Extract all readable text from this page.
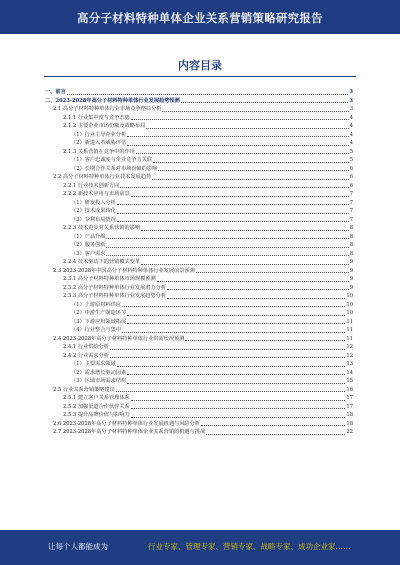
高分子材料特种单体企业关系营销策略研究报告
内容目录
一、前言	3
二、2023-2028年高分子材料特种单体行业发展趋势预测	3
2.1 高分子材料特种单体行业市场竞争格局分析	3
2.1.1 行业集中度与竞争态势	4
2.1.2 主要企业市场份额及战略布局	4
（1）行业主导企业分析	4
（2）新进入者威胁评估	4
2.1.3 关系营销在竞争中的作用	5
（1）客户忠诚度与企业竞争力关联	5
（2）长期合作关系对市场份额的影响	6
2.2 高分子材料特种单体行业技术发展趋势	6
2.2.1 行业技术创新方向	6
2.2.2 新技术应用与市场前景	7
（1）研发投入分析	7
（2）技术成果转化	7
（3）专利布局情况	7
2.2.3 技术进步对关系营销的影响	8
（1）产品升级	8
（2）服务创新	8
（3）客户需求	8
2.2.4 技术驱动下的营销模式变革	9
2.3 2023-2028年中国高分子材料特种单体行业发展前景预测	9
2.3.1 高分子材料特种单体市场规模预测	9
2.3.2 高分子材料特种单体行业发展潜力分析	9
2.3.3 高分子材料特种单体行业发展趋势分析	10
（1）上游原材料供应	10
（2）中游生产制造环节	10
（3）下游应用领域拓展	11
（4）行业整合与集中	11
2.4 2023-2028年高分子材料特种单体行业供需状况预测	11
2.4.1 行业供给分析	12
2.4.2 行业需求分析	12
（1）主要需求领域	13
（2）需求增长驱动因素	14
（3）区域市场需求结构	15
2.5 行业关系营销策略建议	16
2.5.1 建立客户关系管理体系	17
2.5.2 加强渠道合作伙伴关系	17
2.5.3 提升品牌价值与影响力	18
2.6 2023-2028年高分子材料特种单体行业发展机遇与风险分析	18
2.7 2023-2028年高分子材料特种单体企业关系营销的机遇与挑战	22
让每个人都能成为	行业专家、管理专家、营销专家、战略专家、成功企业家……
